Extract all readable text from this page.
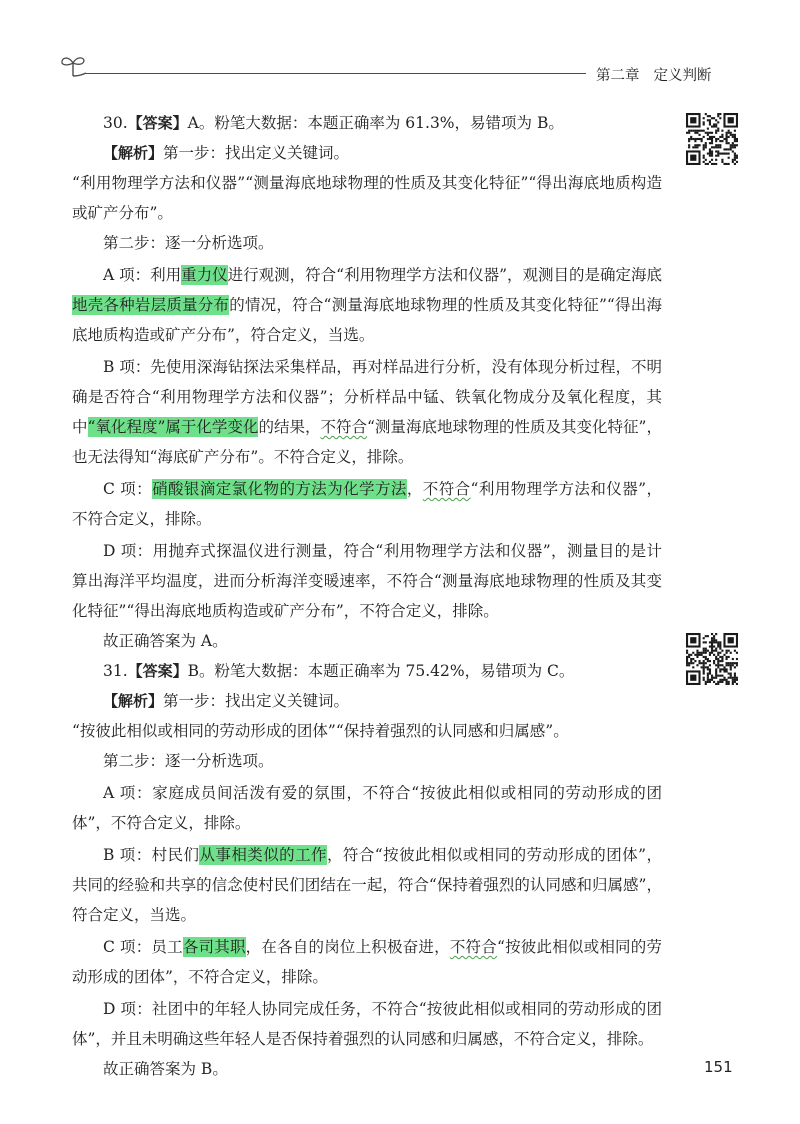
第二章 定义判断

30.【答案】A。粉笔大数据：本题正确率为 61.3%，易错项为 B。

【解析】第一步：找出定义关键词。

“利用物理学方法和仪器”“测量海底地球物理的性质及其变化特征”“得出海底地质构造或矿产分布”。

第二步：逐一分析选项。

A 项：利用重力仪进行观测，符合“利用物理学方法和仪器”，观测目的是确定海底地壳各种岩层质量分布的情况，符合“测量海底地球物理的性质及其变化特征”“得出海底地质构造或矿产分布”，符合定义，当选。

B 项：先使用深海钻探法采集样品，再对样品进行分析，没有体现分析过程，不明确是否符合“利用物理学方法和仪器”；分析样品中锰、铁氧化物成分及氧化程度，其中“氧化程度”属于化学变化的结果，不符合“测量海底地球物理的性质及其变化特征”，也无法得知“海底矿产分布”。不符合定义，排除。

C 项：硝酸银滴定氯化物的方法为化学方法，不符合“利用物理学方法和仪器”，不符合定义，排除。

D 项：用抛弃式探温仪进行测量，符合“利用物理学方法和仪器”，测量目的是计算出海洋平均温度，进而分析海洋变暖速率，不符合“测量海底地球物理的性质及其变化特征”“得出海底地质构造或矿产分布”，不符合定义，排除。

故正确答案为 A。

31.【答案】B。粉笔大数据：本题正确率为 75.42%，易错项为 C。

【解析】第一步：找出定义关键词。

“按彼此相似或相同的劳动形成的团体”“保持着强烈的认同感和归属感”。

第二步：逐一分析选项。

A 项：家庭成员间活泼有爱的氛围，不符合“按彼此相似或相同的劳动形成的团体”，不符合定义，排除。

B 项：村民们从事相类似的工作，符合“按彼此相似或相同的劳动形成的团体”，共同的经验和共享的信念使村民们团结在一起，符合“保持着强烈的认同感和归属感”，符合定义，当选。

C 项：员工各司其职，在各自的岗位上积极奋进，不符合“按彼此相似或相同的劳动形成的团体”，不符合定义，排除。

D 项：社团中的年轻人协同完成任务，不符合“按彼此相似或相同的劳动形成的团体”，并且未明确这些年轻人是否保持着强烈的认同感和归属感，不符合定义，排除。

故正确答案为 B。	151
